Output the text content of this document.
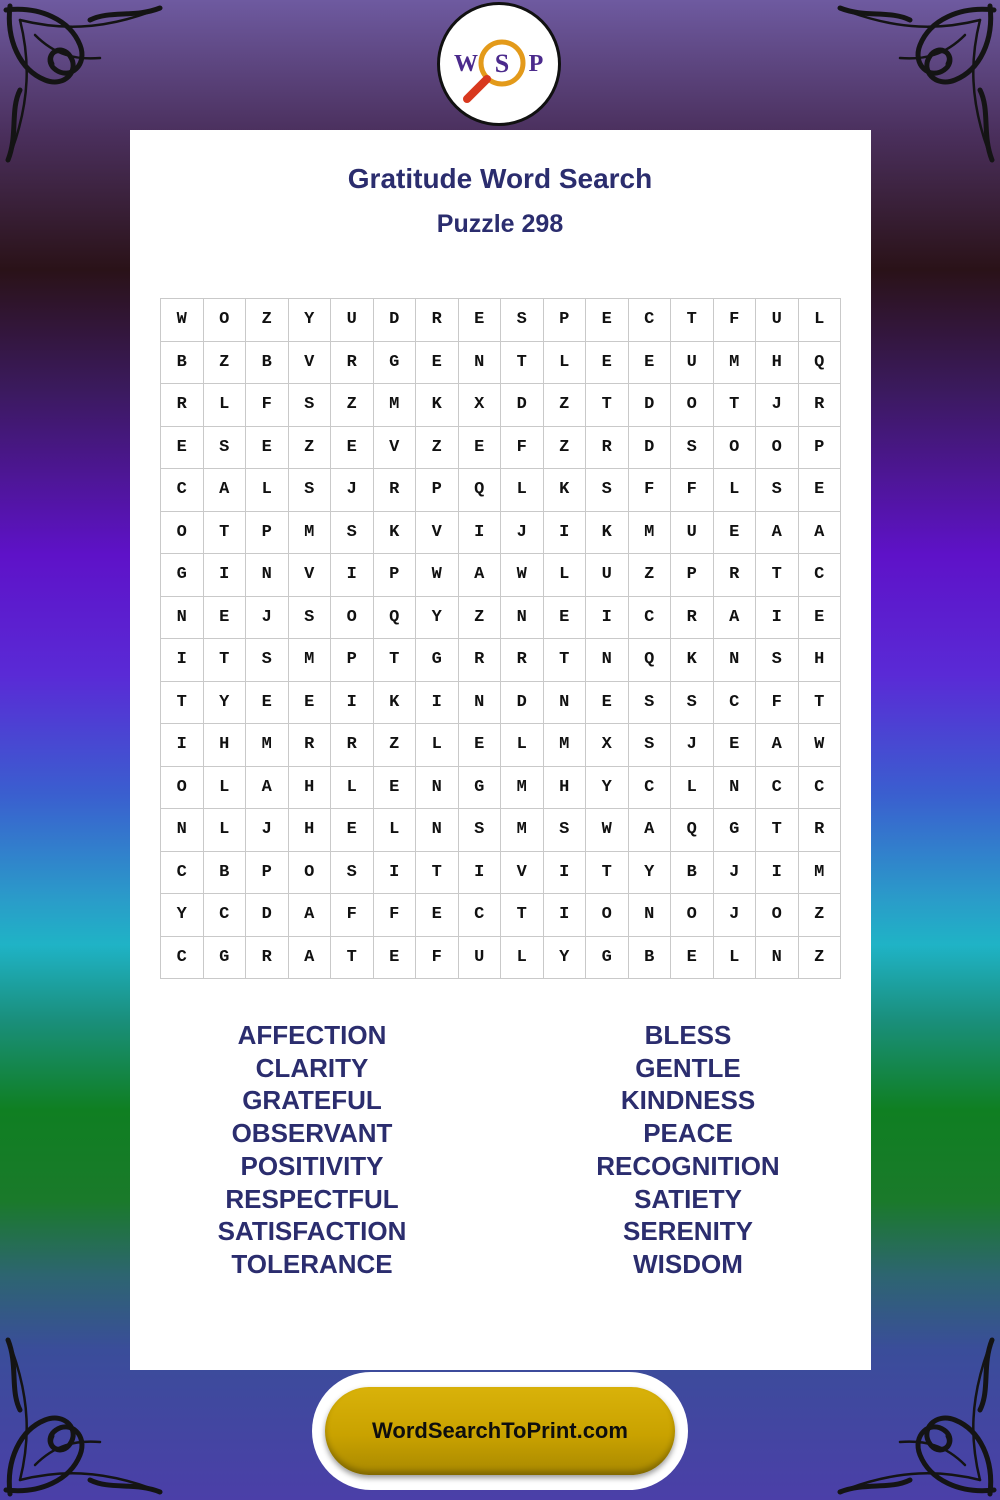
W S P
Gratitude Word Search
Puzzle 298
W	O	Z	Y	U	D	R	E	S	P	E	C	T	F	U	L
B	Z	B	V	R	G	E	N	T	L	E	E	U	M	H	Q
R	L	F	S	Z	M	K	X	D	Z	T	D	O	T	J	R
E	S	E	Z	E	V	Z	E	F	Z	R	D	S	O	O	P
C	A	L	S	J	R	P	Q	L	K	S	F	F	L	S	E
O	T	P	M	S	K	V	I	J	I	K	M	U	E	A	A
G	I	N	V	I	P	W	A	W	L	U	Z	P	R	T	C
N	E	J	S	O	Q	Y	Z	N	E	I	C	R	A	I	E
I	T	S	M	P	T	G	R	R	T	N	Q	K	N	S	H
T	Y	E	E	I	K	I	N	D	N	E	S	S	C	F	T
I	H	M	R	R	Z	L	E	L	M	X	S	J	E	A	W
O	L	A	H	L	E	N	G	M	H	Y	C	L	N	C	C
N	L	J	H	E	L	N	S	M	S	W	A	Q	G	T	R
C	B	P	O	S	I	T	I	V	I	T	Y	B	J	I	M
Y	C	D	A	F	F	E	C	T	I	O	N	O	J	O	Z
C	G	R	A	T	E	F	U	L	Y	G	B	E	L	N	Z
AFFECTION
CLARITY
GRATEFUL
OBSERVANT
POSITIVITY
RESPECTFUL
SATISFACTION
TOLERANCE
BLESS
GENTLE
KINDNESS
PEACE
RECOGNITION
SATIETY
SERENITY
WISDOM
WordSearchToPrint.com
